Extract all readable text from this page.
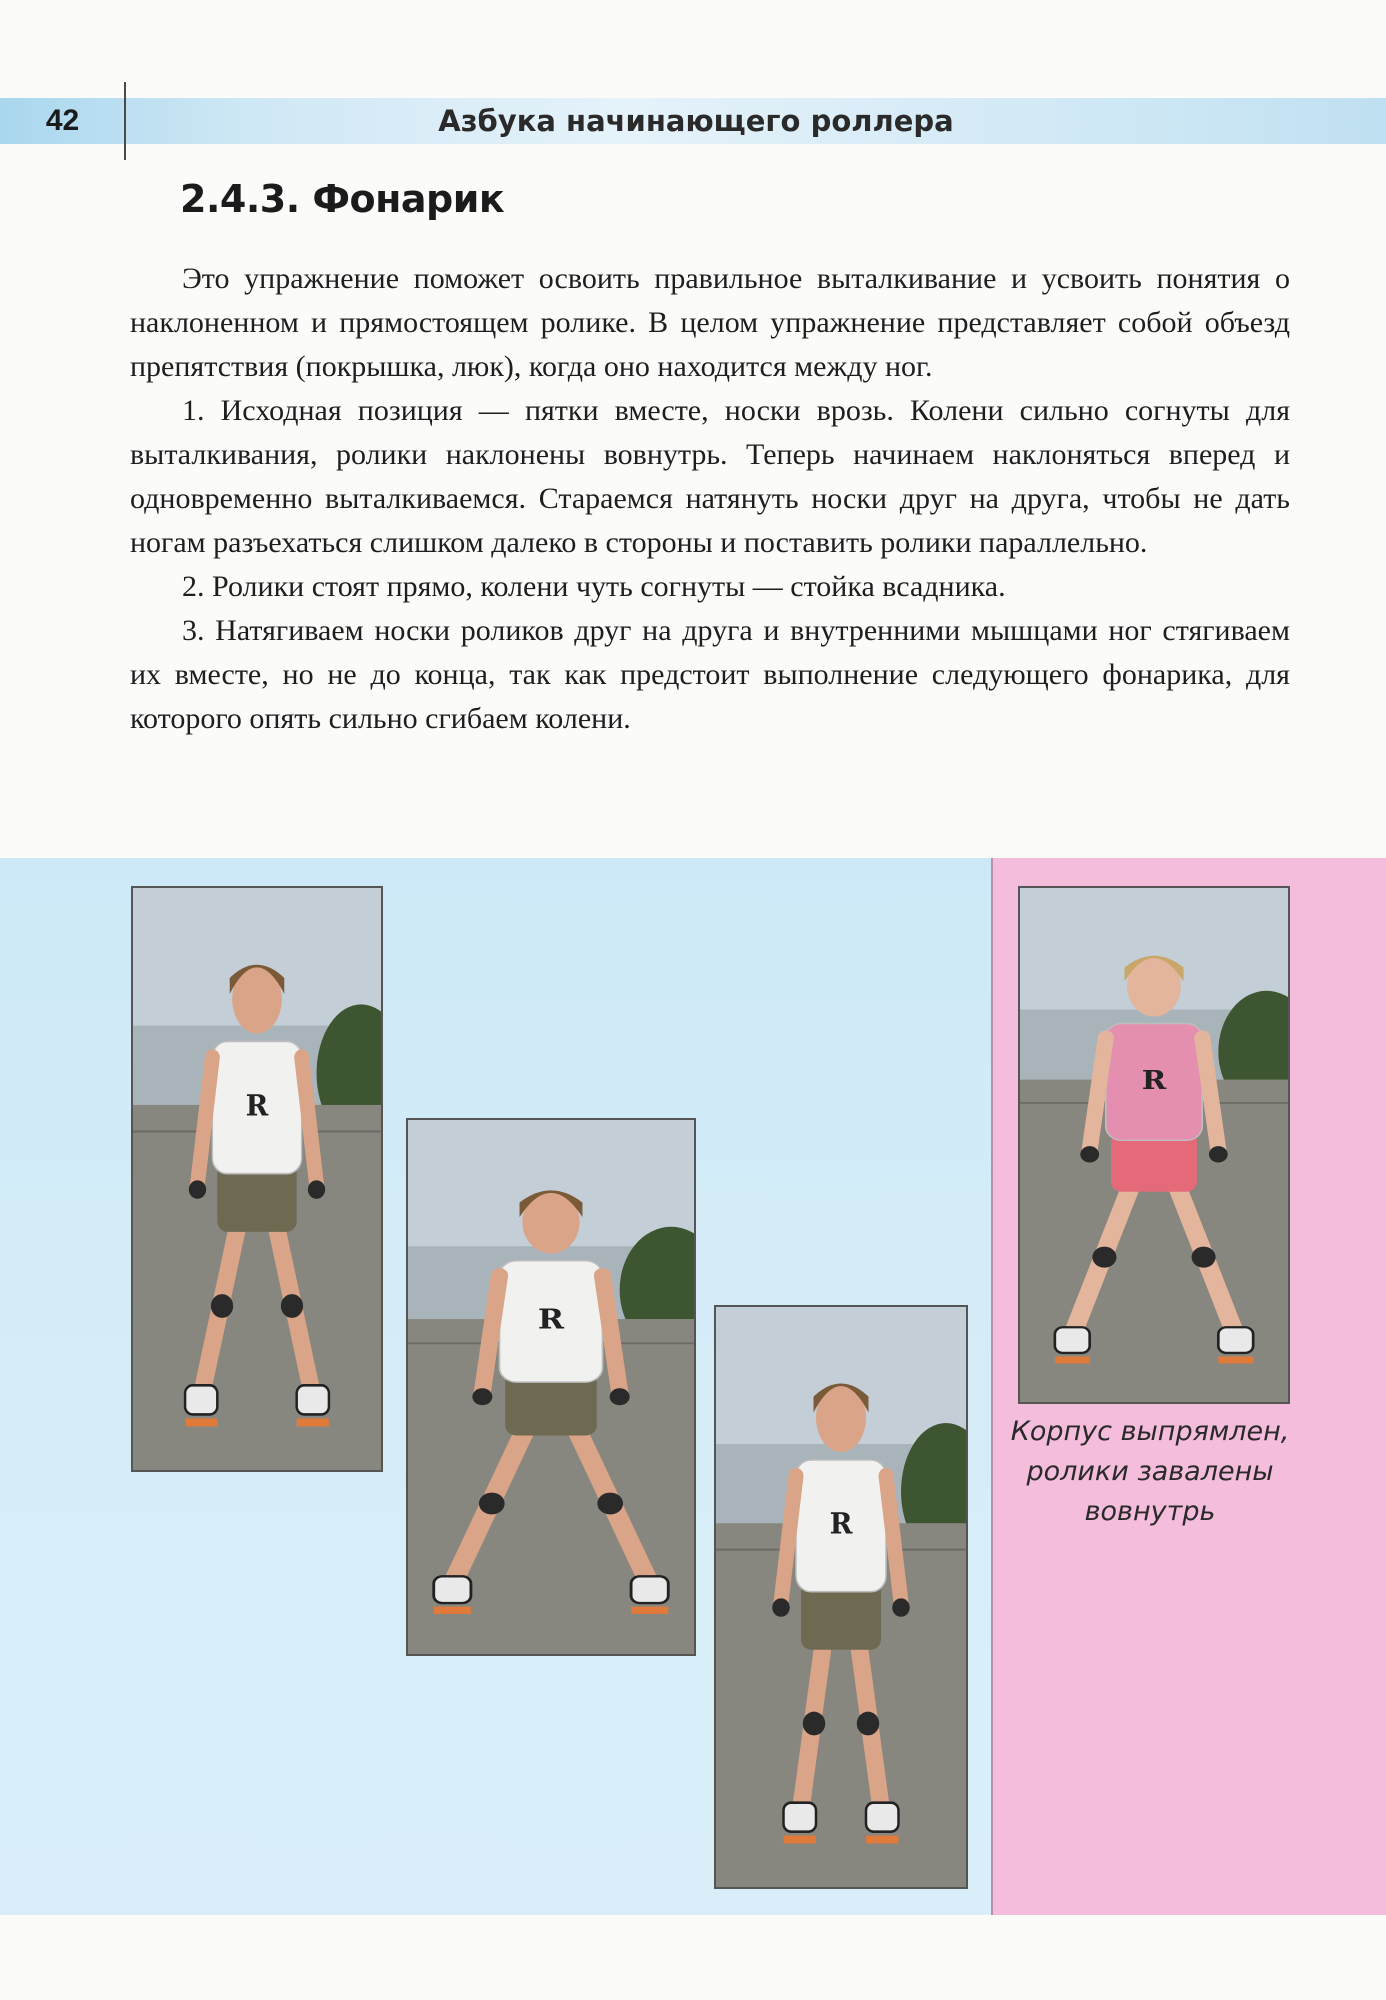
42	Азбука начинающего роллера
2.4.3. Фонарик

Это упражнение поможет освоить правильное выталкивание и усвоить понятия о наклоненном и прямостоящем ролике. В целом упражнение представляет собой объезд препятствия (покрышка, люк), когда оно находится между ног.

1. Исходная позиция — пятки вместе, носки врозь. Колени сильно согнуты для выталкивания, ролики наклонены вовнутрь. Теперь начинаем наклоняться вперед и одновременно выталкиваемся. Стараемся натянуть носки друг на друга, чтобы не дать ногам разъехаться слишком далеко в стороны и поставить ролики параллельно.

2. Ролики стоят прямо, колени чуть согнуты — стойка всадника.

3. Натягиваем носки роликов друг на друга и внутренними мышцами ног стягиваем их вместе, но не до конца, так как предстоит выполнение следующего фонарика, для которого опять сильно сгибаем колени.

R
R
R
R
Корпус выпрямлен,
ролики завалены
вовнутрь
